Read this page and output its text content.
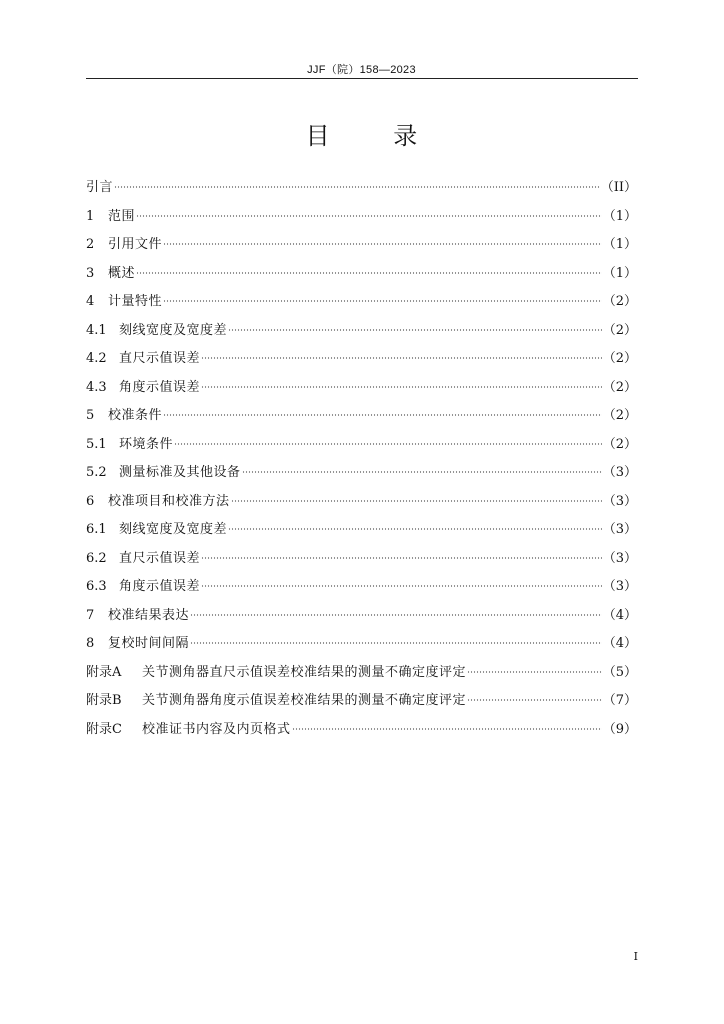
JJF（院）158—2023
目 录
引言	（II）
1	范围	（1）
2	引用文件	（1）
3	概述	（1）
4	计量特性	（2）
4.1 刻线宽度及宽度差	（2）
4.2 直尺示值误差	（2）
4.3 角度示值误差	（2）
5	校准条件	（2）
5.1 环境条件	（2）
5.2 测量标准及其他设备	（3）
6	校准项目和校准方法	（3）
6.1 刻线宽度及宽度差	（3）
6.2 直尺示值误差	（3）
6.3 角度示值误差	（3）
7	校准结果表达	（4）
8	复校时间间隔	（4）
附录A	关节测角器直尺示值误差校准结果的测量不确定度评定	（5）
附录B	关节测角器角度示值误差校准结果的测量不确定度评定	（7）
附录C	校准证书内容及内页格式	（9）
I
